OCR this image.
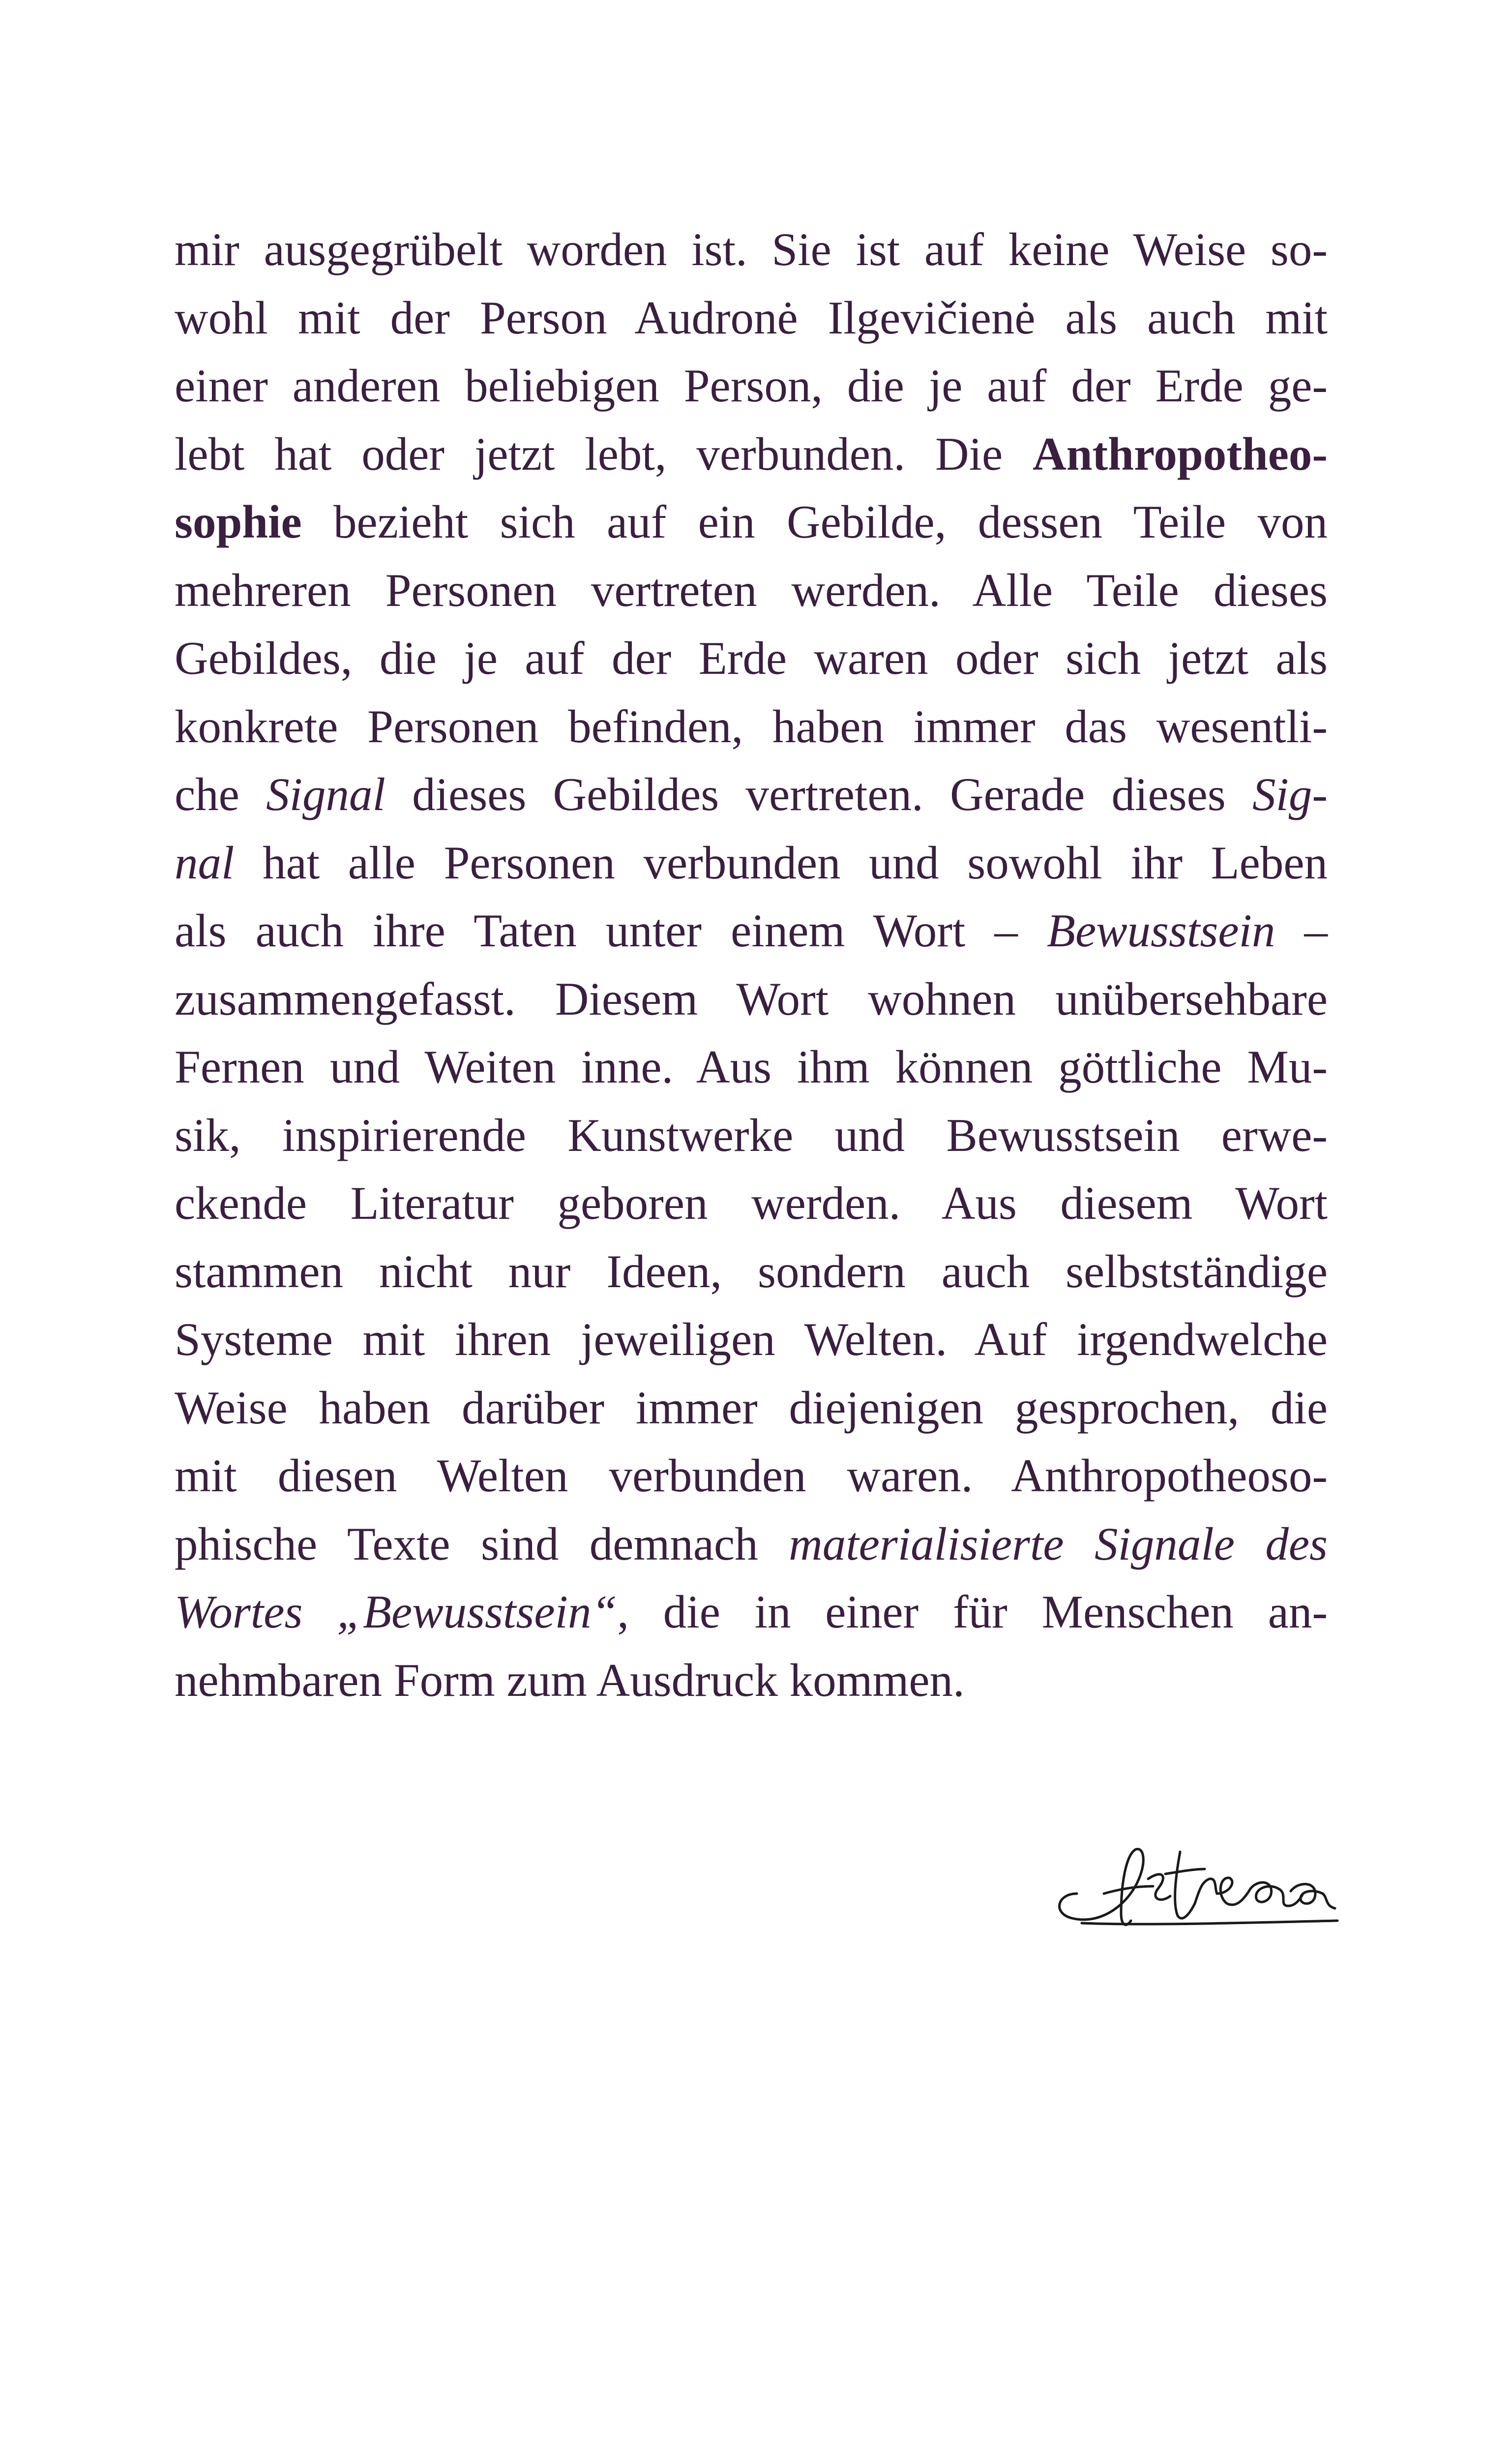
mir ausgegrübelt worden ist. Sie ist auf keine Weise so-
wohl mit der Person Audronė Ilgevičienė als auch mit
einer anderen beliebigen Person, die je auf der Erde ge-
lebt hat oder jetzt lebt, verbunden. Die Anthropotheo-
sophie bezieht sich auf ein Gebilde, dessen Teile von
mehreren Personen vertreten werden. Alle Teile dieses
Gebildes, die je auf der Erde waren oder sich jetzt als
konkrete Personen befinden, haben immer das wesentli-
che Signal dieses Gebildes vertreten. Gerade dieses Sig-
nal hat alle Personen verbunden und sowohl ihr Leben
als auch ihre Taten unter einem Wort – Bewusstsein –
zusammengefasst. Diesem Wort wohnen unübersehbare
Fernen und Weiten inne. Aus ihm können göttliche Mu-
sik, inspirierende Kunstwerke und Bewusstsein erwe-
ckende Literatur geboren werden. Aus diesem Wort
stammen nicht nur Ideen, sondern auch selbstständige
Systeme mit ihren jeweiligen Welten. Auf irgendwelche
Weise haben darüber immer diejenigen gesprochen, die
mit diesen Welten verbunden waren. Anthropotheoso-
phische Texte sind demnach materialisierte Signale des
Wortes „Bewusstsein“, die in einer für Menschen an-
nehmbaren Form zum Ausdruck kommen.
